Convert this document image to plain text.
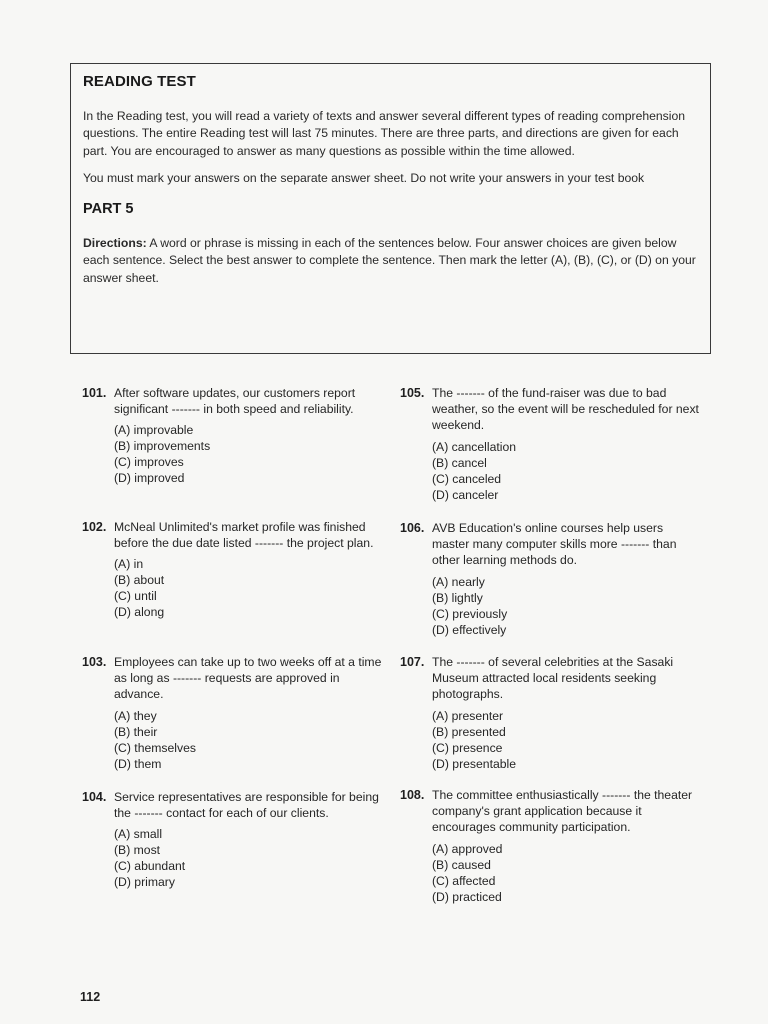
READING TEST

In the Reading test, you will read a variety of texts and answer several different types of reading comprehension questions. The entire Reading test will last 75 minutes. There are three parts, and directions are given for each part. You are encouraged to answer as many questions as possible within the time allowed.

You must mark your answers on the separate answer sheet. Do not write your answers in your test book

PART 5

Directions: A word or phrase is missing in each of the sentences below. Four answer choices are given below each sentence. Select the best answer to complete the sentence. Then mark the letter (A), (B), (C), or (D) on your answer sheet.

101. After software updates, our customers report significant ------- in both speed and reliability.
(A) improvable
(B) improvements
(C) improves
(D) improved
102. McNeal Unlimited's market profile was finished before the due date listed ------- the project plan.
(A) in
(B) about
(C) until
(D) along
103. Employees can take up to two weeks off at a time as long as ------- requests are approved in advance.
(A) they
(B) their
(C) themselves
(D) them
104. Service representatives are responsible for being the ------- contact for each of our clients.
(A) small
(B) most
(C) abundant
(D) primary
105. The ------- of the fund-raiser was due to bad weather, so the event will be rescheduled for next weekend.
(A) cancellation
(B) cancel
(C) canceled
(D) canceler
106. AVB Education's online courses help users master many computer skills more ------- than other learning methods do.
(A) nearly
(B) lightly
(C) previously
(D) effectively
107. The ------- of several celebrities at the Sasaki Museum attracted local residents seeking photographs.
(A) presenter
(B) presented
(C) presence
(D) presentable
108. The committee enthusiastically ------- the theater company's grant application because it encourages community participation.
(A) approved
(B) caused
(C) affected
(D) practiced
112
